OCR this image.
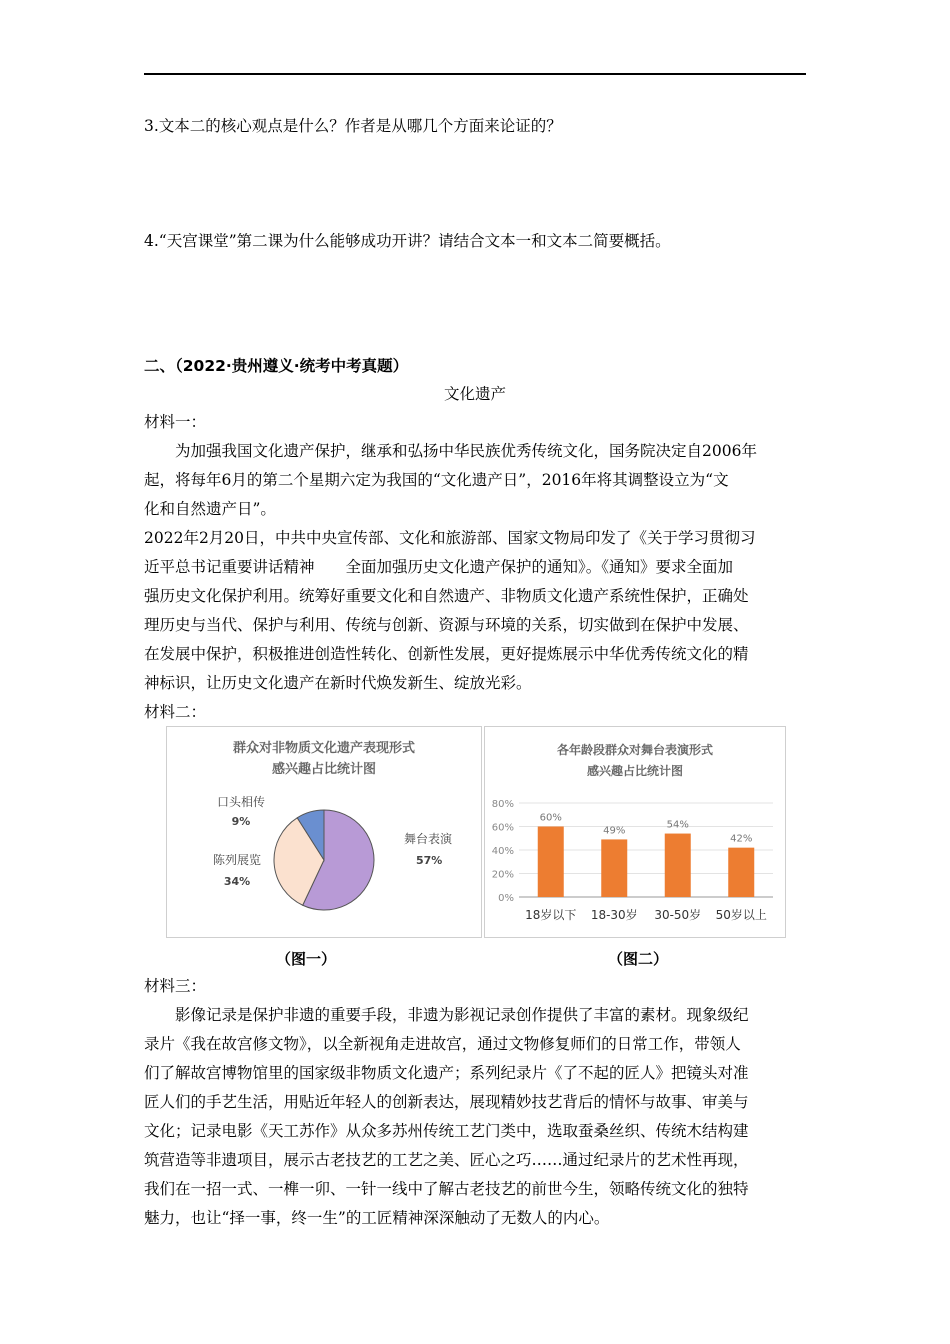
3.文本二的核心观点是什么？作者是从哪几个方面来论证的？
4.“天宫课堂”第二课为什么能够成功开讲？请结合文本一和文本二简要概括。
二、（2022·贵州遵义·统考中考真题）
文化遗产
材料一：
为加强我国文化遗产保护，继承和弘扬中华民族优秀传统文化，国务院决定自2006年
起，将每年6月的第二个星期六定为我国的“文化遗产日”，2016年将其调整设立为“文
化和自然遗产日”。
2022年2月20日，中共中央宣传部、文化和旅游部、国家文物局印发了《关于学习贯彻习
近平总书记重要讲话精神　　全面加强历史文化遗产保护的通知》。《通知》要求全面加
强历史文化保护利用。统筹好重要文化和自然遗产、非物质文化遗产系统性保护，正确处
理历史与当代、保护与利用、传统与创新、资源与环境的关系，切实做到在保护中发展、
在发展中保护，积极推进创造性转化、创新性发展，更好提炼展示中华优秀传统文化的精
神标识，让历史文化遗产在新时代焕发新生、绽放光彩。
材料二：
群众对非物质文化遗产表现形式
感兴趣占比统计图
舞台表演
57%
陈列展览
34%
口头相传
9%
各年龄段群众对舞台表演形式
感兴趣占比统计图
0%
20%
40%
60%
80%
60%
18岁以下
49%
18-30岁
54%
30-50岁
42%
50岁以上
（图一）	（图二）
材料三：
影像记录是保护非遗的重要手段，非遗为影视记录创作提供了丰富的素材。现象级纪
录片《我在故宫修文物》，以全新视角走进故宫，通过文物修复师们的日常工作，带领人
们了解故宫博物馆里的国家级非物质文化遗产；系列纪录片《了不起的匠人》把镜头对准
匠人们的手艺生活，用贴近年轻人的创新表达，展现精妙技艺背后的情怀与故事、审美与
文化；记录电影《天工苏作》从众多苏州传统工艺门类中，选取蚕桑丝织、传统木结构建
筑营造等非遗项目，展示古老技艺的工艺之美、匠心之巧……通过纪录片的艺术性再现，
我们在一招一式、一榫一卯、一针一线中了解古老技艺的前世今生，领略传统文化的独特
魅力，也让“择一事，终一生”的工匠精神深深触动了无数人的内心。
